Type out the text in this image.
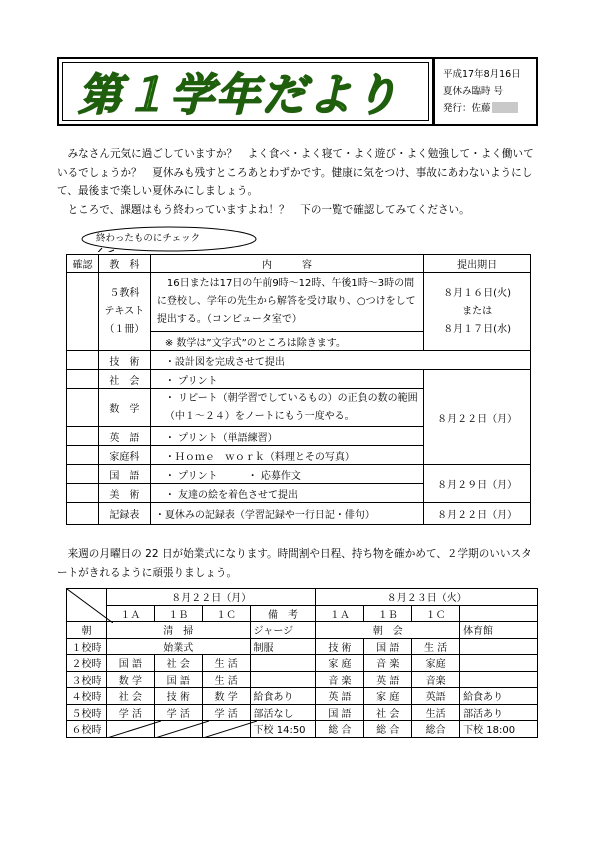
第１学年だより	平成17年8月16日
夏休み臨時 号
発行：佐藤

　みなさん元気に過ごしていますか？　よく食べ・よく寝て・よく遊び・よく勉強して・よく働いているでしょうか？　夏休みも残すところあとわずかです。健康に気をつけ、事故にあわないようにして、最後まで楽しい夏休みにしましょう。

　ところで、課題はもう終わっていますよね！？　下の一覧で確認してみてください。

終わったものにチェック
確認	教　科	内　　　容	提出期日
	５教科
テキスト
（１冊）	　16日または17日の午前9時～12時、午後1時～3時の間に登校し、学年の先生から解答を受け取り、○つけをして提出する。（コンピュータ室で）	８月１６日(火)
または
８月１７日(水)
		※ 数学は”文字式”のところは除きます。	
	技　術	・設計図を完成させて提出	
	社　会	・ プリント	８月２２日（月）
	数　学	・ リピート（朝学習でしているもの）の正負の数の範囲（中１～２４）をノートにもう一度やる。	
	英　語	・ プリント（単語練習）	
	家庭科	・Ｈｏｍｅ　ｗｏｒｋ（料理とその写真）	
	国　語	・ プリント　　　・ 応募作文	８月２９日（月）
	美　術	・ 友達の絵を着色させて提出	
	記録表	・夏休みの記録表（学習記録や一行日記・俳句）	８月２２日（月）

　来週の月曜日の 22 日が始業式になります。時間割や日程、持ち物を確かめて、２学期のいいスタートがきれるように頑張りましょう。

	８月２２日（月）				８月２３日（火）			
	１Ａ	１Ｂ	１Ｃ	備　考	１Ａ	１Ｂ	１Ｃ	
朝	清　掃			ジャージ	朝　会			体育館
１校時	始業式			制服	技 術	国 語	生 活	
２校時	国 語	社 会	生 活		家 庭	音 楽	家庭	
３校時	数 学	国 語	生 活		音 楽	英 語	音楽	
４校時	社 会	技 術	数 学	給食あり	英 語	家 庭	英語	給食あり
５校時	学 活	学 活	学 活	部活なし	国 語	社 会	生活	部活あり
６校時				下校 14:50	総 合	総 合	総合	下校 18:00
